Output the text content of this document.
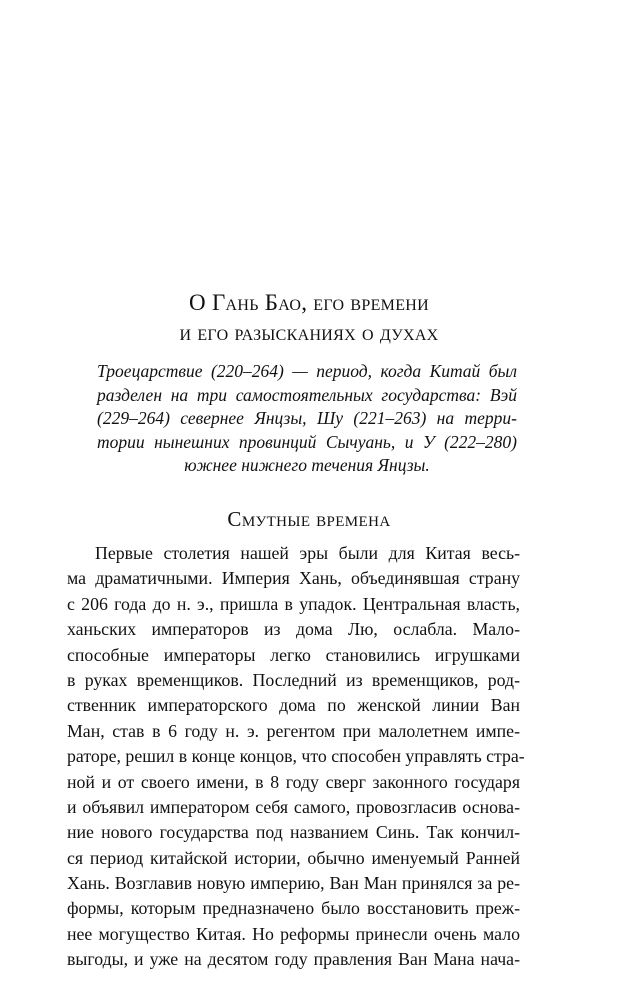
О Гань Бао, его времени
и его разысканиях о духах
Троецарствие (220–264) — период, когда Китай был
разделен на три самостоятельных государства: Вэй
(229–264) севернее Янцзы, Шу (221–263) на терри-
тории нынешних провинций Сычуань, и У (222–280)
южнее нижнего течения Янцзы.
Смутные времена
Первые столетия нашей эры были для Китая весь-
ма драматичными. Империя Хань, объединявшая страну
с 206 года до н. э., пришла в упадок. Центральная власть,
ханьских императоров из дома Лю, ослабла. Мало-
способные императоры легко становились игрушками
в руках временщиков. Последний из временщиков, род-
ственник императорского дома по женской линии Ван
Ман, став в 6 году н. э. регентом при малолетнем импе-
раторе, решил в конце концов, что способен управлять стра-
ной и от своего имени, в 8 году сверг законного государя
и объявил императором себя самого, провозгласив основа-
ние нового государства под названием Синь. Так кончил-
ся период китайской истории, обычно именуемый Ранней
Хань. Возглавив новую империю, Ван Ман принялся за ре-
формы, которым предназначено было восстановить преж-
нее могущество Китая. Но реформы принесли очень мало
выгоды, и уже на десятом году правления Ван Мана нача-
